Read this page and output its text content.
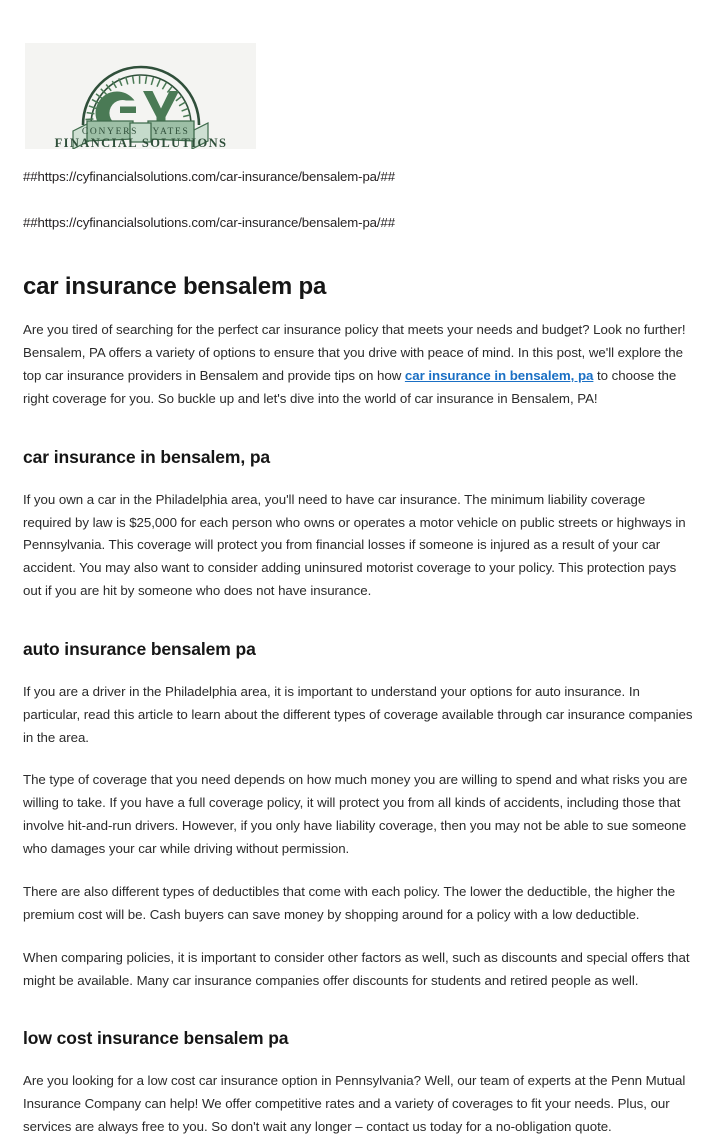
CONYERS YATES
FINANCIAL SOLUTIONS

##https://cyfinancialsolutions.com/car-insurance/bensalem-pa/##

##https://cyfinancialsolutions.com/car-insurance/bensalem-pa/##

car insurance bensalem pa

Are you tired of searching for the perfect car insurance policy that meets your needs and budget? Look no further! Bensalem, PA offers a variety of options to ensure that you drive with peace of mind. In this post, we'll explore the top car insurance providers in Bensalem and provide tips on how car insurance in bensalem, pa to choose the right coverage for you. So buckle up and let's dive into the world of car insurance in Bensalem, PA!

car insurance in bensalem, pa

If you own a car in the Philadelphia area, you'll need to have car insurance. The minimum liability coverage required by law is $25,000 for each person who owns or operates a motor vehicle on public streets or highways in Pennsylvania. This coverage will protect you from financial losses if someone is injured as a result of your car accident. You may also want to consider adding uninsured motorist coverage to your policy. This protection pays out if you are hit by someone who does not have insurance.

auto insurance bensalem pa

If you are a driver in the Philadelphia area, it is important to understand your options for auto insurance. In particular, read this article to learn about the different types of coverage available through car insurance companies in the area.

The type of coverage that you need depends on how much money you are willing to spend and what risks you are willing to take. If you have a full coverage policy, it will protect you from all kinds of accidents, including those that involve hit-and-run drivers. However, if you only have liability coverage, then you may not be able to sue someone who damages your car while driving without permission.

There are also different types of deductibles that come with each policy. The lower the deductible, the higher the premium cost will be. Cash buyers can save money by shopping around for a policy with a low deductible.

When comparing policies, it is important to consider other factors as well, such as discounts and special offers that might be available. Many car insurance companies offer discounts for students and retired people as well.

low cost insurance bensalem pa

Are you looking for a low cost car insurance option in Pennsylvania? Well, our team of experts at the Penn Mutual Insurance Company can help! We offer competitive rates and a variety of coverages to fit your needs. Plus, our services are always free to you. So don't wait any longer – contact us today for a no-obligation quote.
